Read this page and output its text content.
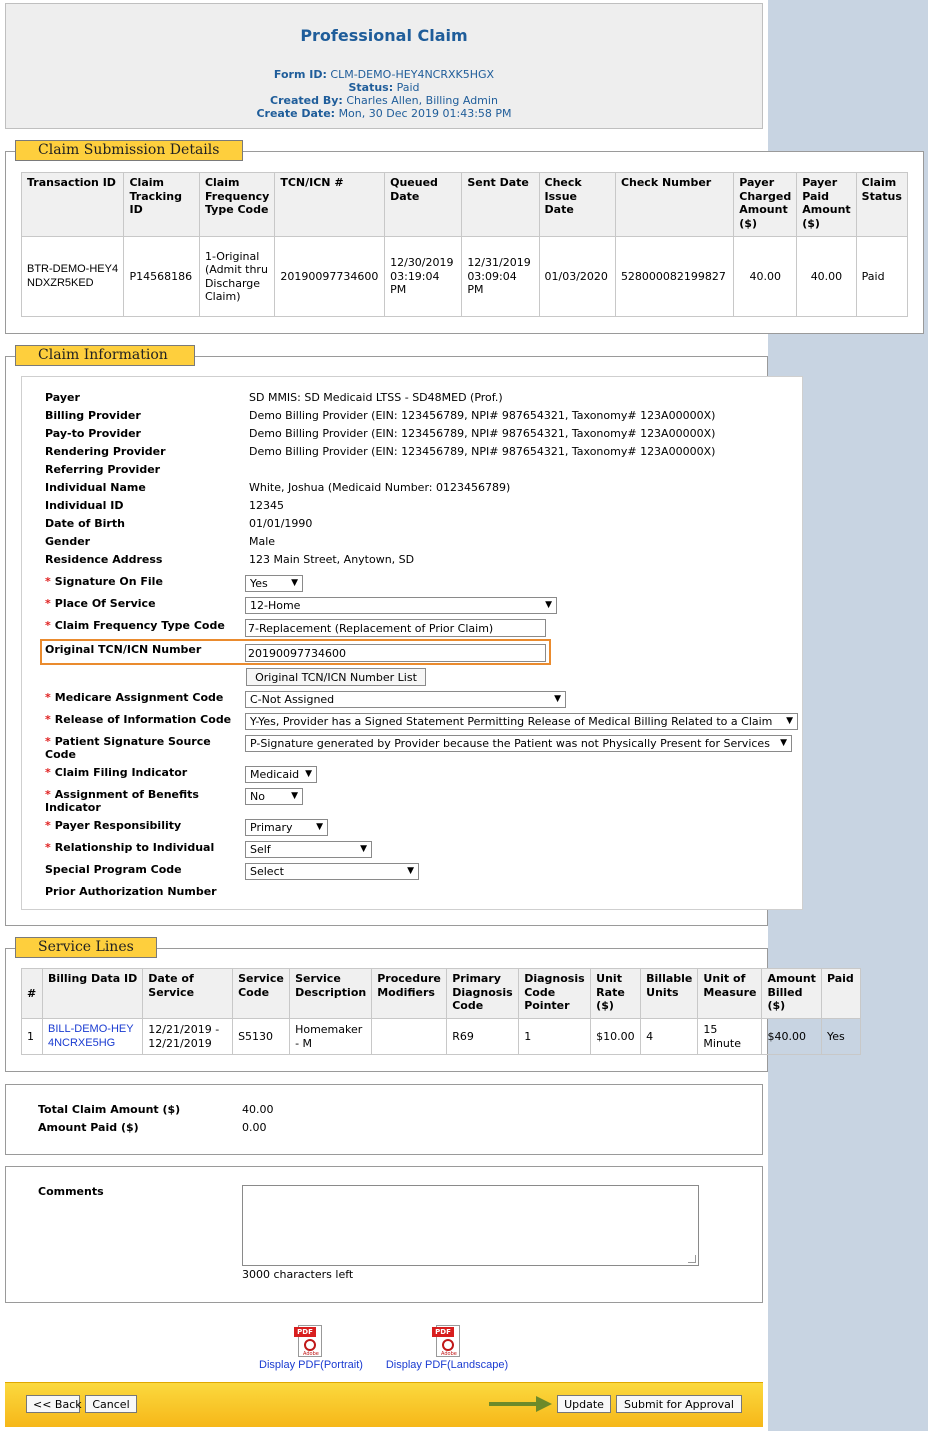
Professional Claim
Form ID: CLM-DEMO-HEY4NCRXK5HGX
Status: Paid
Created By: Charles Allen, Billing Admin
Create Date: Mon, 30 Dec 2019 01:43:58 PM
Claim Submission Details
Transaction ID	Claim Tracking ID	Claim Frequency Type Code	TCN/ICN #	Queued Date	Sent Date	Check Issue Date	Check Number	Payer Charged Amount ($)	Payer Paid Amount ($)	Claim Status
BTR-DEMO-HEY4NDXZR5KED	P14568186	1-Original (Admit thru Discharge Claim)	20190097734600	12/30/2019 03:19:04 PM	12/31/2019 03:09:04 PM	01/03/2020	528000082199827	40.00	40.00	Paid
Claim Information
Payer	SD MMIS: SD Medicaid LTSS - SD48MED (Prof.)
Billing Provider	Demo Billing Provider (EIN: 123456789, NPI# 987654321, Taxonomy# 123A00000X)
Pay-to Provider	Demo Billing Provider (EIN: 123456789, NPI# 987654321, Taxonomy# 123A00000X)
Rendering Provider	Demo Billing Provider (EIN: 123456789, NPI# 987654321, Taxonomy# 123A00000X)
Referring Provider
Individual Name	White, Joshua (Medicaid Number: 0123456789)
Individual ID	12345
Date of Birth	01/01/1990
Gender	Male
Residence Address	123 Main Street, Anytown, SD
* Signature On File	Yes	▼
* Place Of Service	12-Home	▼
* Claim Frequency Type Code 7-Replacement (Replacement of Prior Claim)
Original TCN/ICN Number	20190097734600
Original TCN/ICN Number List
* Medicare Assignment Code	C-Not Assigned	▼
* Release of Information Code	Y-Yes, Provider has a Signed Statement Permitting Release of Medical Billing Related to a Claim ▼
* Patient Signature Source
Code
P-Signature generated by Provider because the Patient was not Physically Present for Services ▼
* Claim Filing Indicator	Medicaid ▼
* Assignment of Benefits
Indicator
No	▼
* Payer Responsibility	Primary	▼
* Relationship to Individual	Self	▼
Special Program Code	Select	▼
Prior Authorization Number
Service Lines
#	Billing Data ID	Date of Service	Service Code	Service Description	Procedure Modifiers	Primary Diagnosis Code	Diagnosis Code Pointer	Unit Rate ($)	Billable Units	Unit of Measure	Amount Billed ($)	Paid
1	BILL-DEMO-HEY4NCRXE5HG	12/21/2019 - 12/21/2019	S5130	Homemaker - M		R69	1	$10.00	4	15 Minute	$40.00	Yes
Total Claim Amount ($)	40.00
Amount Paid ($)	0.00
Comments
3000 characters left
PDF
Adobe
Display PDF(Portrait)
PDF
Adobe
Display PDF(Landscape)
<< Back Cancel	Update	Submit for Approval
